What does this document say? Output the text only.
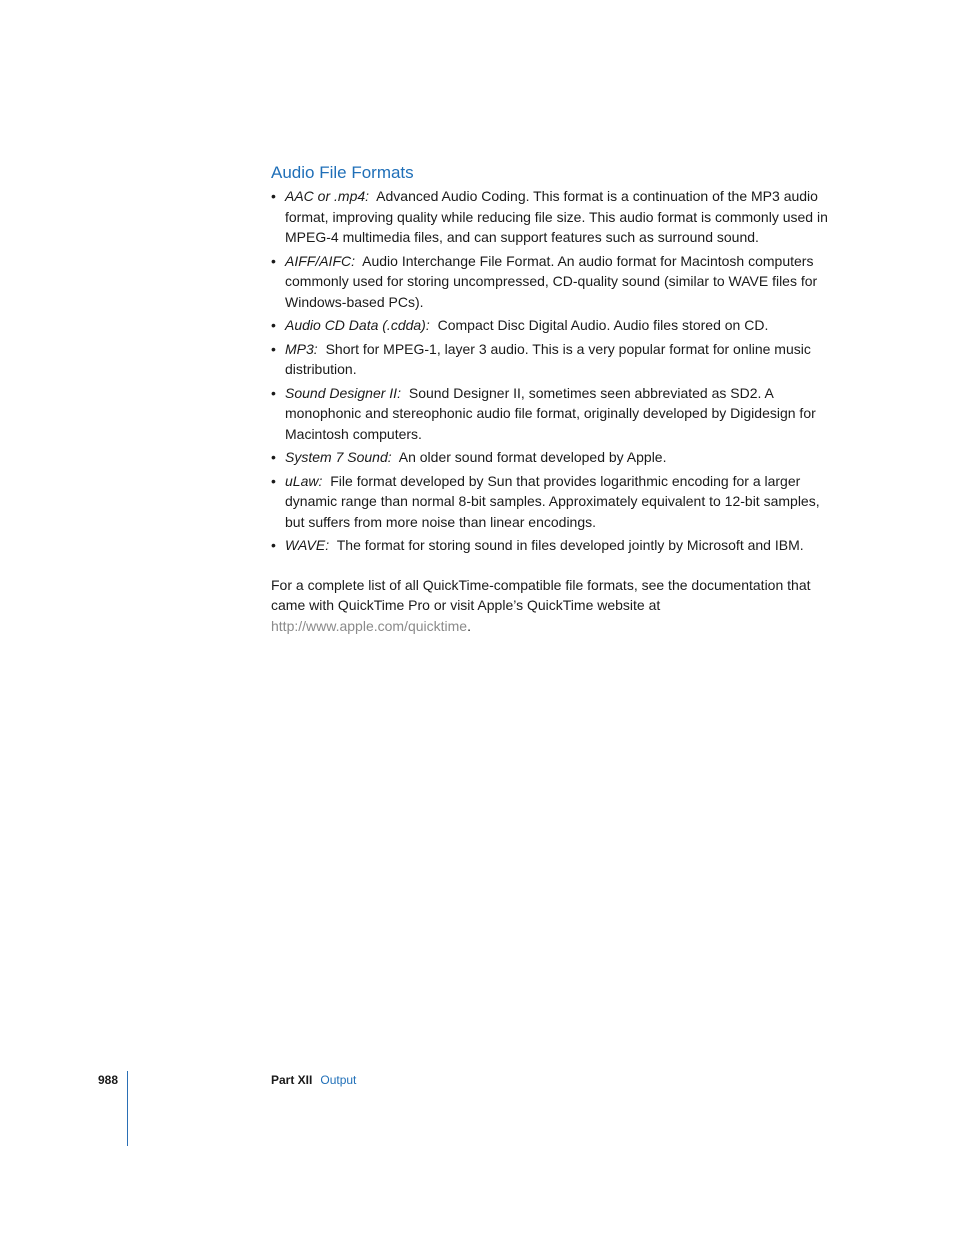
Audio File Formats
• AAC or .mp4: Advanced Audio Coding. This format is a continuation of the MP3 audio format, improving quality while reducing file size. This audio format is commonly used in MPEG-4 multimedia files, and can support features such as surround sound.
• AIFF/AIFC: Audio Interchange File Format. An audio format for Macintosh computers commonly used for storing uncompressed, CD-quality sound (similar to WAVE files for Windows-based PCs).
• Audio CD Data (.cdda): Compact Disc Digital Audio. Audio files stored on CD.
• MP3: Short for MPEG-1, layer 3 audio. This is a very popular format for online music distribution.
• Sound Designer II: Sound Designer II, sometimes seen abbreviated as SD2. A monophonic and stereophonic audio file format, originally developed by Digidesign for Macintosh computers.
• System 7 Sound: An older sound format developed by Apple.
• uLaw: File format developed by Sun that provides logarithmic encoding for a larger dynamic range than normal 8-bit samples. Approximately equivalent to 12-bit samples, but suffers from more noise than linear encodings.
• WAVE: The format for storing sound in files developed jointly by Microsoft and IBM.

For a complete list of all QuickTime-compatible file formats, see the documentation that came with QuickTime Pro or visit Apple’s QuickTime website at http://www.apple.com/quicktime.

988	Part XII Output
